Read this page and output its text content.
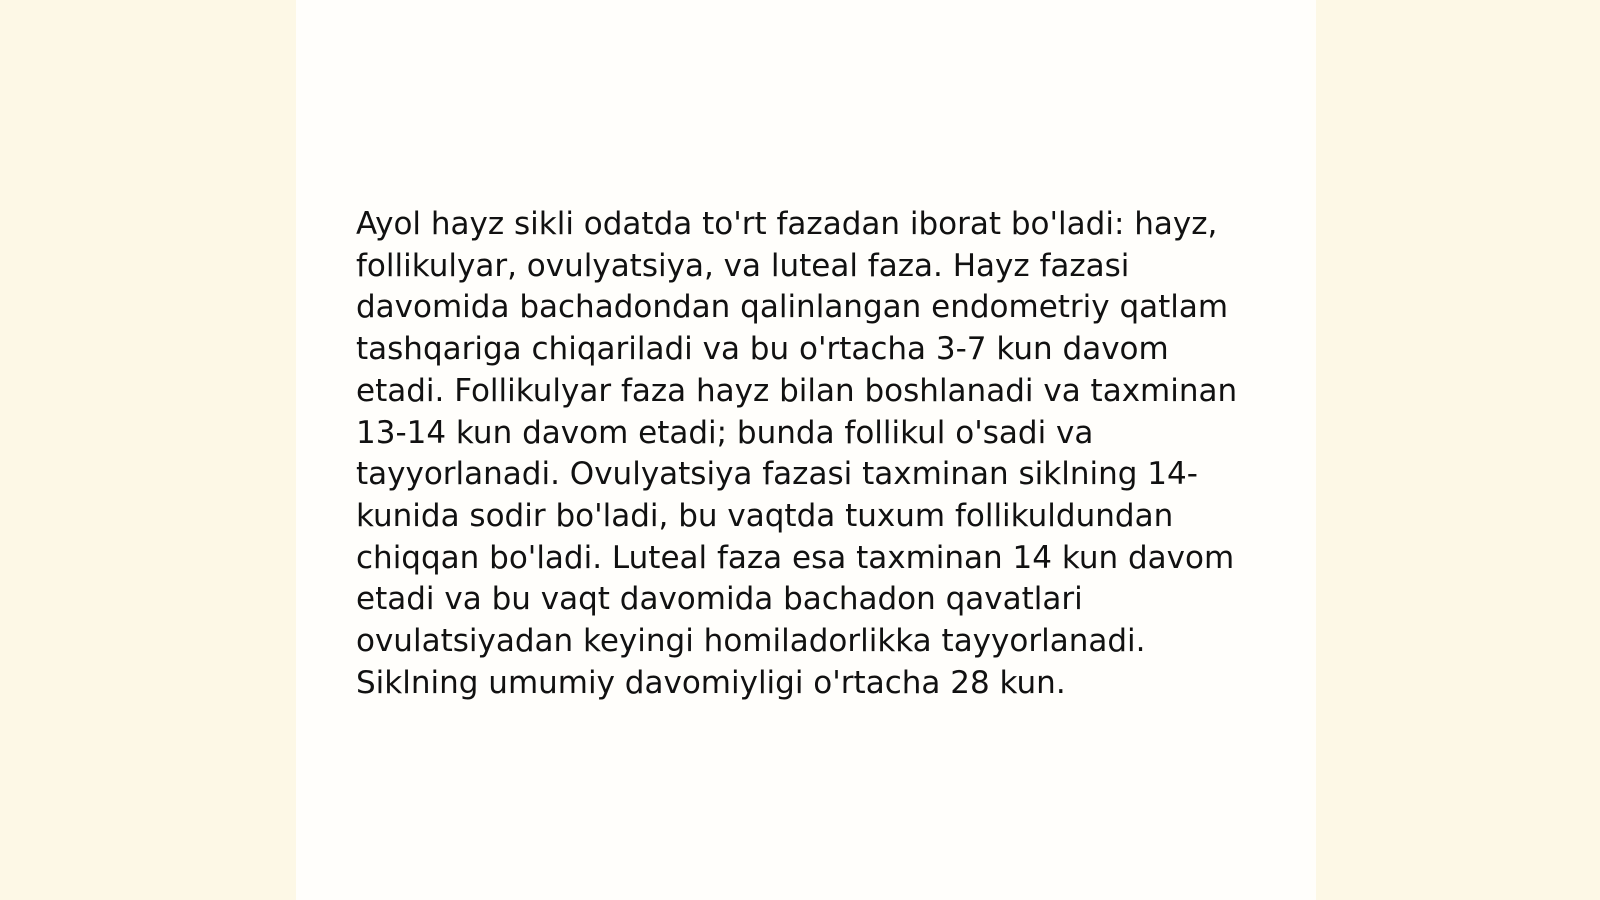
Ayol hayz sikli odatda to'rt fazadan iborat bo'ladi: hayz, follikulyar, ovulyatsiya, va luteal faza. Hayz fazasi davomida bachadondan qalinlangan endometriy qatlam tashqariga chiqariladi va bu o'rtacha 3-7 kun davom etadi. Follikulyar faza hayz bilan boshlanadi va taxminan 13-14 kun davom etadi; bunda follikul o'sadi va tayyorlanadi. Ovulyatsiya fazasi taxminan siklning 14-kunida sodir bo'ladi, bu vaqtda tuxum follikuldundan chiqqan bo'ladi. Luteal faza esa taxminan 14 kun davom etadi va bu vaqt davomida bachadon qavatlari ovulatsiyadan keyingi homiladorlikka tayyorlanadi. Siklning umumiy davomiyligi o'rtacha 28 kun.
